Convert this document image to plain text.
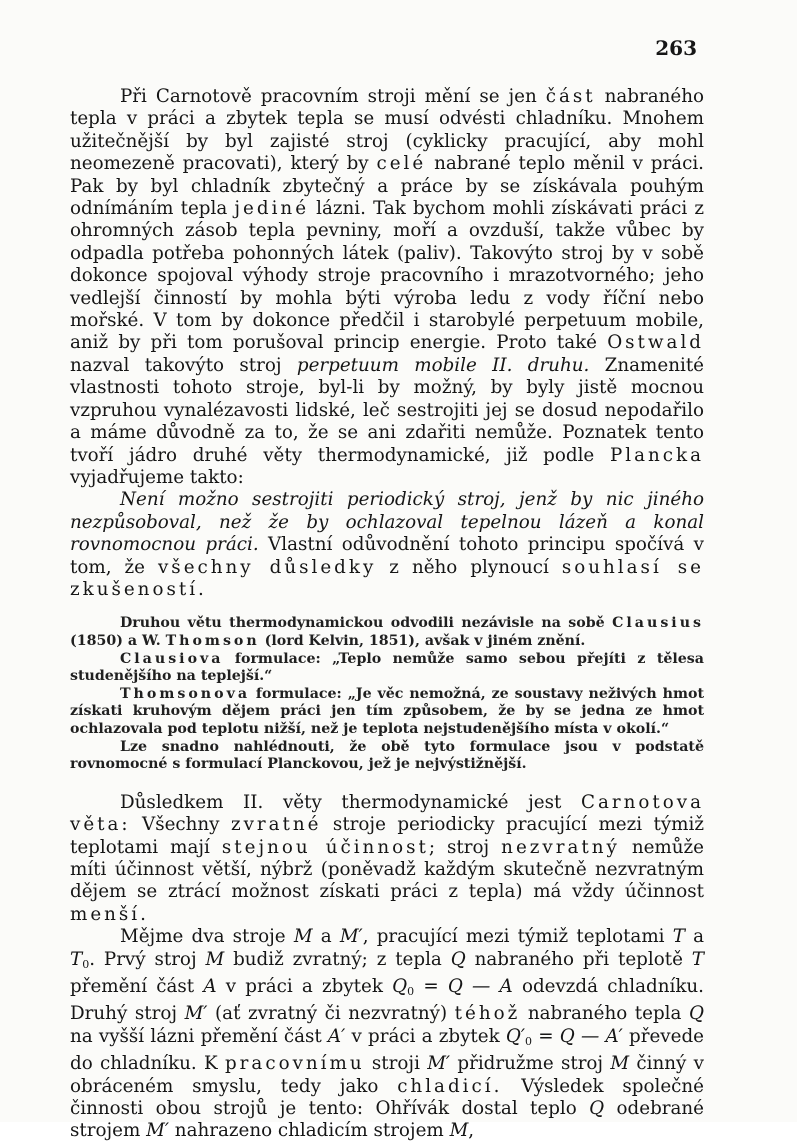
263

Při Carnotově pracovním stroji mění se jen část nabraného tepla v práci a zbytek tepla se musí odvésti chladníku. Mnohem užitečnější by byl zajisté stroj (cyklicky pracující, aby mohl neomezeně pracovati), který by celé nabrané teplo měnil v práci. Pak by byl chladník zbytečný a práce by se získávala pouhým odnímáním tepla jediné lázni. Tak bychom mohli získávati práci z ohromných zásob tepla pevniny, moří a ovzduší, takže vůbec by odpadla potřeba pohonných látek (paliv). Takovýto stroj by v sobě dokonce spojoval výhody stroje pracovního i mrazotvorného; jeho vedlejší činností by mohla býti výroba ledu z vody říční nebo mořské. V tom by dokonce předčil i starobylé perpetuum mobile, aniž by při tom porušoval princip energie. Proto také Ostwald nazval takovýto stroj perpetuum mobile II. druhu. Znamenité vlastnosti tohoto stroje, byl-li by možný, by byly jistě mocnou vzpruhou vynalézavosti lidské, leč sestrojiti jej se dosud nepodařilo a máme důvodně za to, že se ani zdařiti nemůže. Poznatek tento tvoří jádro druhé věty thermodynamické, již podle Plancka vyjadřujeme takto:

Není možno sestrojiti periodický stroj, jenž by nic jiného nezpůsoboval, než že by ochlazoval tepelnou lázeň a konal rovnomocnou práci. Vlastní odůvodnění tohoto principu spočívá v tom, že všechny důsledky z něho plynoucí souhlasí se zkušeností.

Druhou větu thermodynamickou odvodili nezávisle na sobě Clausius (1850) a W. Thomson (lord Kelvin, 1851), avšak v jiném znění.

Clausiova formulace: „Teplo nemůže samo sebou přejíti z tělesa studenějšího na teplejší.“

Thomsonova formulace: „Je věc nemožná, ze soustavy neživých hmot získati kruhovým dějem práci jen tím způsobem, že by se jedna ze hmot ochlazovala pod teplotu nižší, než je teplota nejstudenějšího místa v okolí.“

Lze snadno nahlédnouti, že obě tyto formulace jsou v podstatě rovnomocné s formulací Planckovou, jež je nejvýstižnější.

Důsledkem II. věty thermodynamické jest Carnotova věta: Všechny zvratné stroje periodicky pracující mezi týmiž teplotami mají stejnou účinnost; stroj nezvratný nemůže míti účinnost větší, nýbrž (poněvadž každým skutečně nezvratným dějem se ztrácí možnost získati práci z tepla) má vždy účinnost menší.

Mějme dva stroje M a M′, pracující mezi týmiž teplotami T a $T_0$. Prvý stroj M budiž zvratný; z tepla Q nabraného při teplotě T přemění část A v práci a zbytek $Q_0 = Q$ — A odevzdá chladníku. Druhý stroj M′ (ať zvratný či nezvratný) téhož nabraného tepla Q na vyšší lázni přemění část A′ v práci a zbytek $Q'_0 = Q$ — A′ převede do chladníku. K pracovnímu stroji M′ přidružme stroj M činný v obráceném smyslu, tedy jako chladicí. Výsledek společné činnosti obou strojů je tento: Ohřívák dostal teplo Q odebrané strojem M′ nahrazeno chladicím strojem M,
